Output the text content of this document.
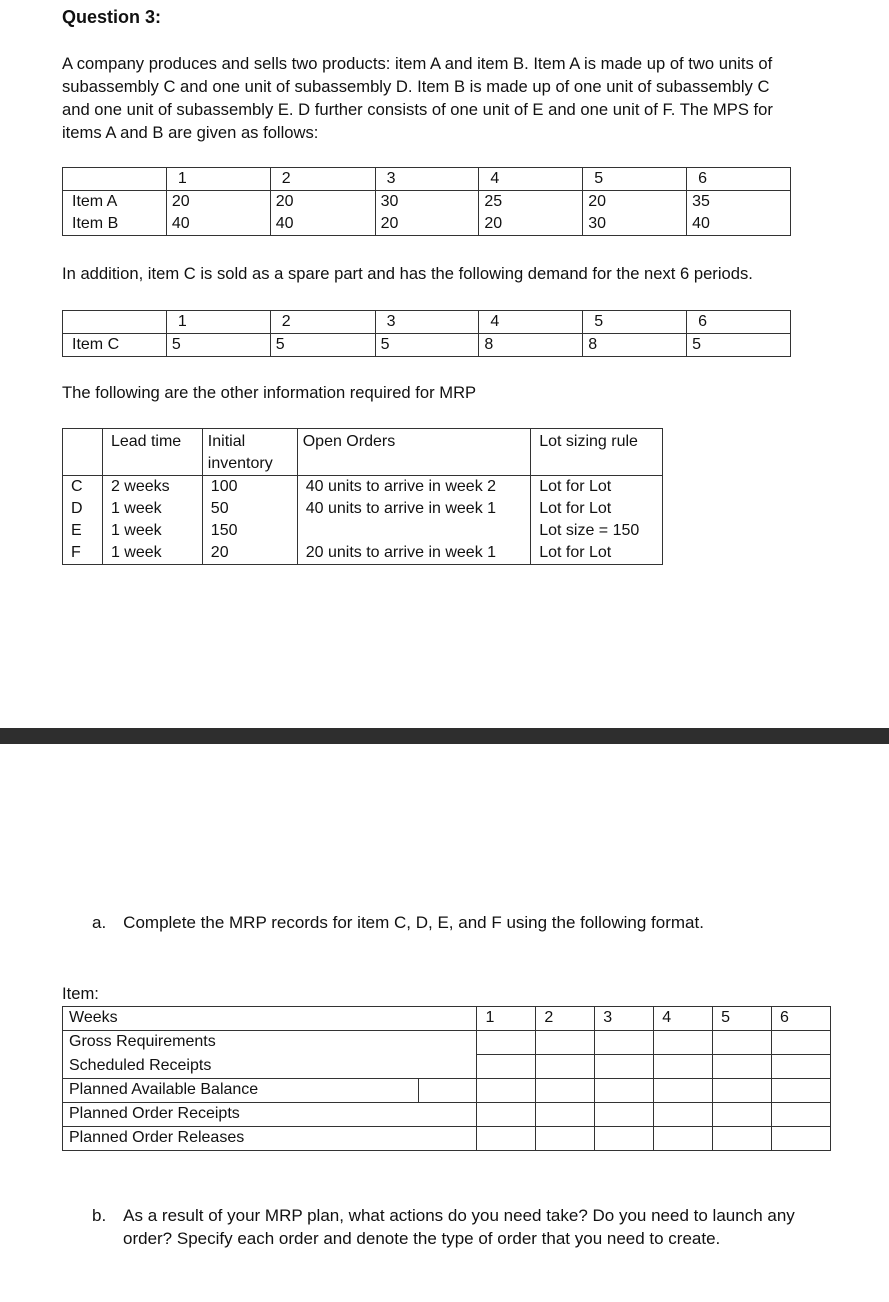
Question 3:
A company produces and sells two products: item A and item B. Item A is made up of two units of subassembly C and one unit of subassembly D. Item B is made up of one unit of subassembly C and one unit of subassembly E. D further consists of one unit of E and one unit of F. The MPS for items A and B are given as follows:
	1	2	3	4	5	6
Item A	20	20	30	25	20	35
Item B	40	40	20	20	30	40
In addition, item C is sold as a spare part and has the following demand for the next 6 periods.
	1	2	3	4	5	6
Item C	5	5	5	8	8	5
The following are the other information required for MRP
	Lead time	Initial inventory	Open Orders	Lot sizing rule
C	2 weeks	100	40 units to arrive in week 2	Lot for Lot
D	1 week	50	40 units to arrive in week 1	Lot for Lot
E	1 week	150		Lot size = 150
F	1 week	20	20 units to arrive in week 1	Lot for Lot
a. Complete the MRP records for item C, D, E, and F using the following format.
Item:
Weeks		1	2	3	4	5	6
Gross Requirements							
Scheduled Receipts							
Planned Available Balance							
Planned Order Receipts							
Planned Order Releases							
b. As a result of your MRP plan, what actions do you need take? Do you need to launch any
order? Specify each order and denote the type of order that you need to create.
